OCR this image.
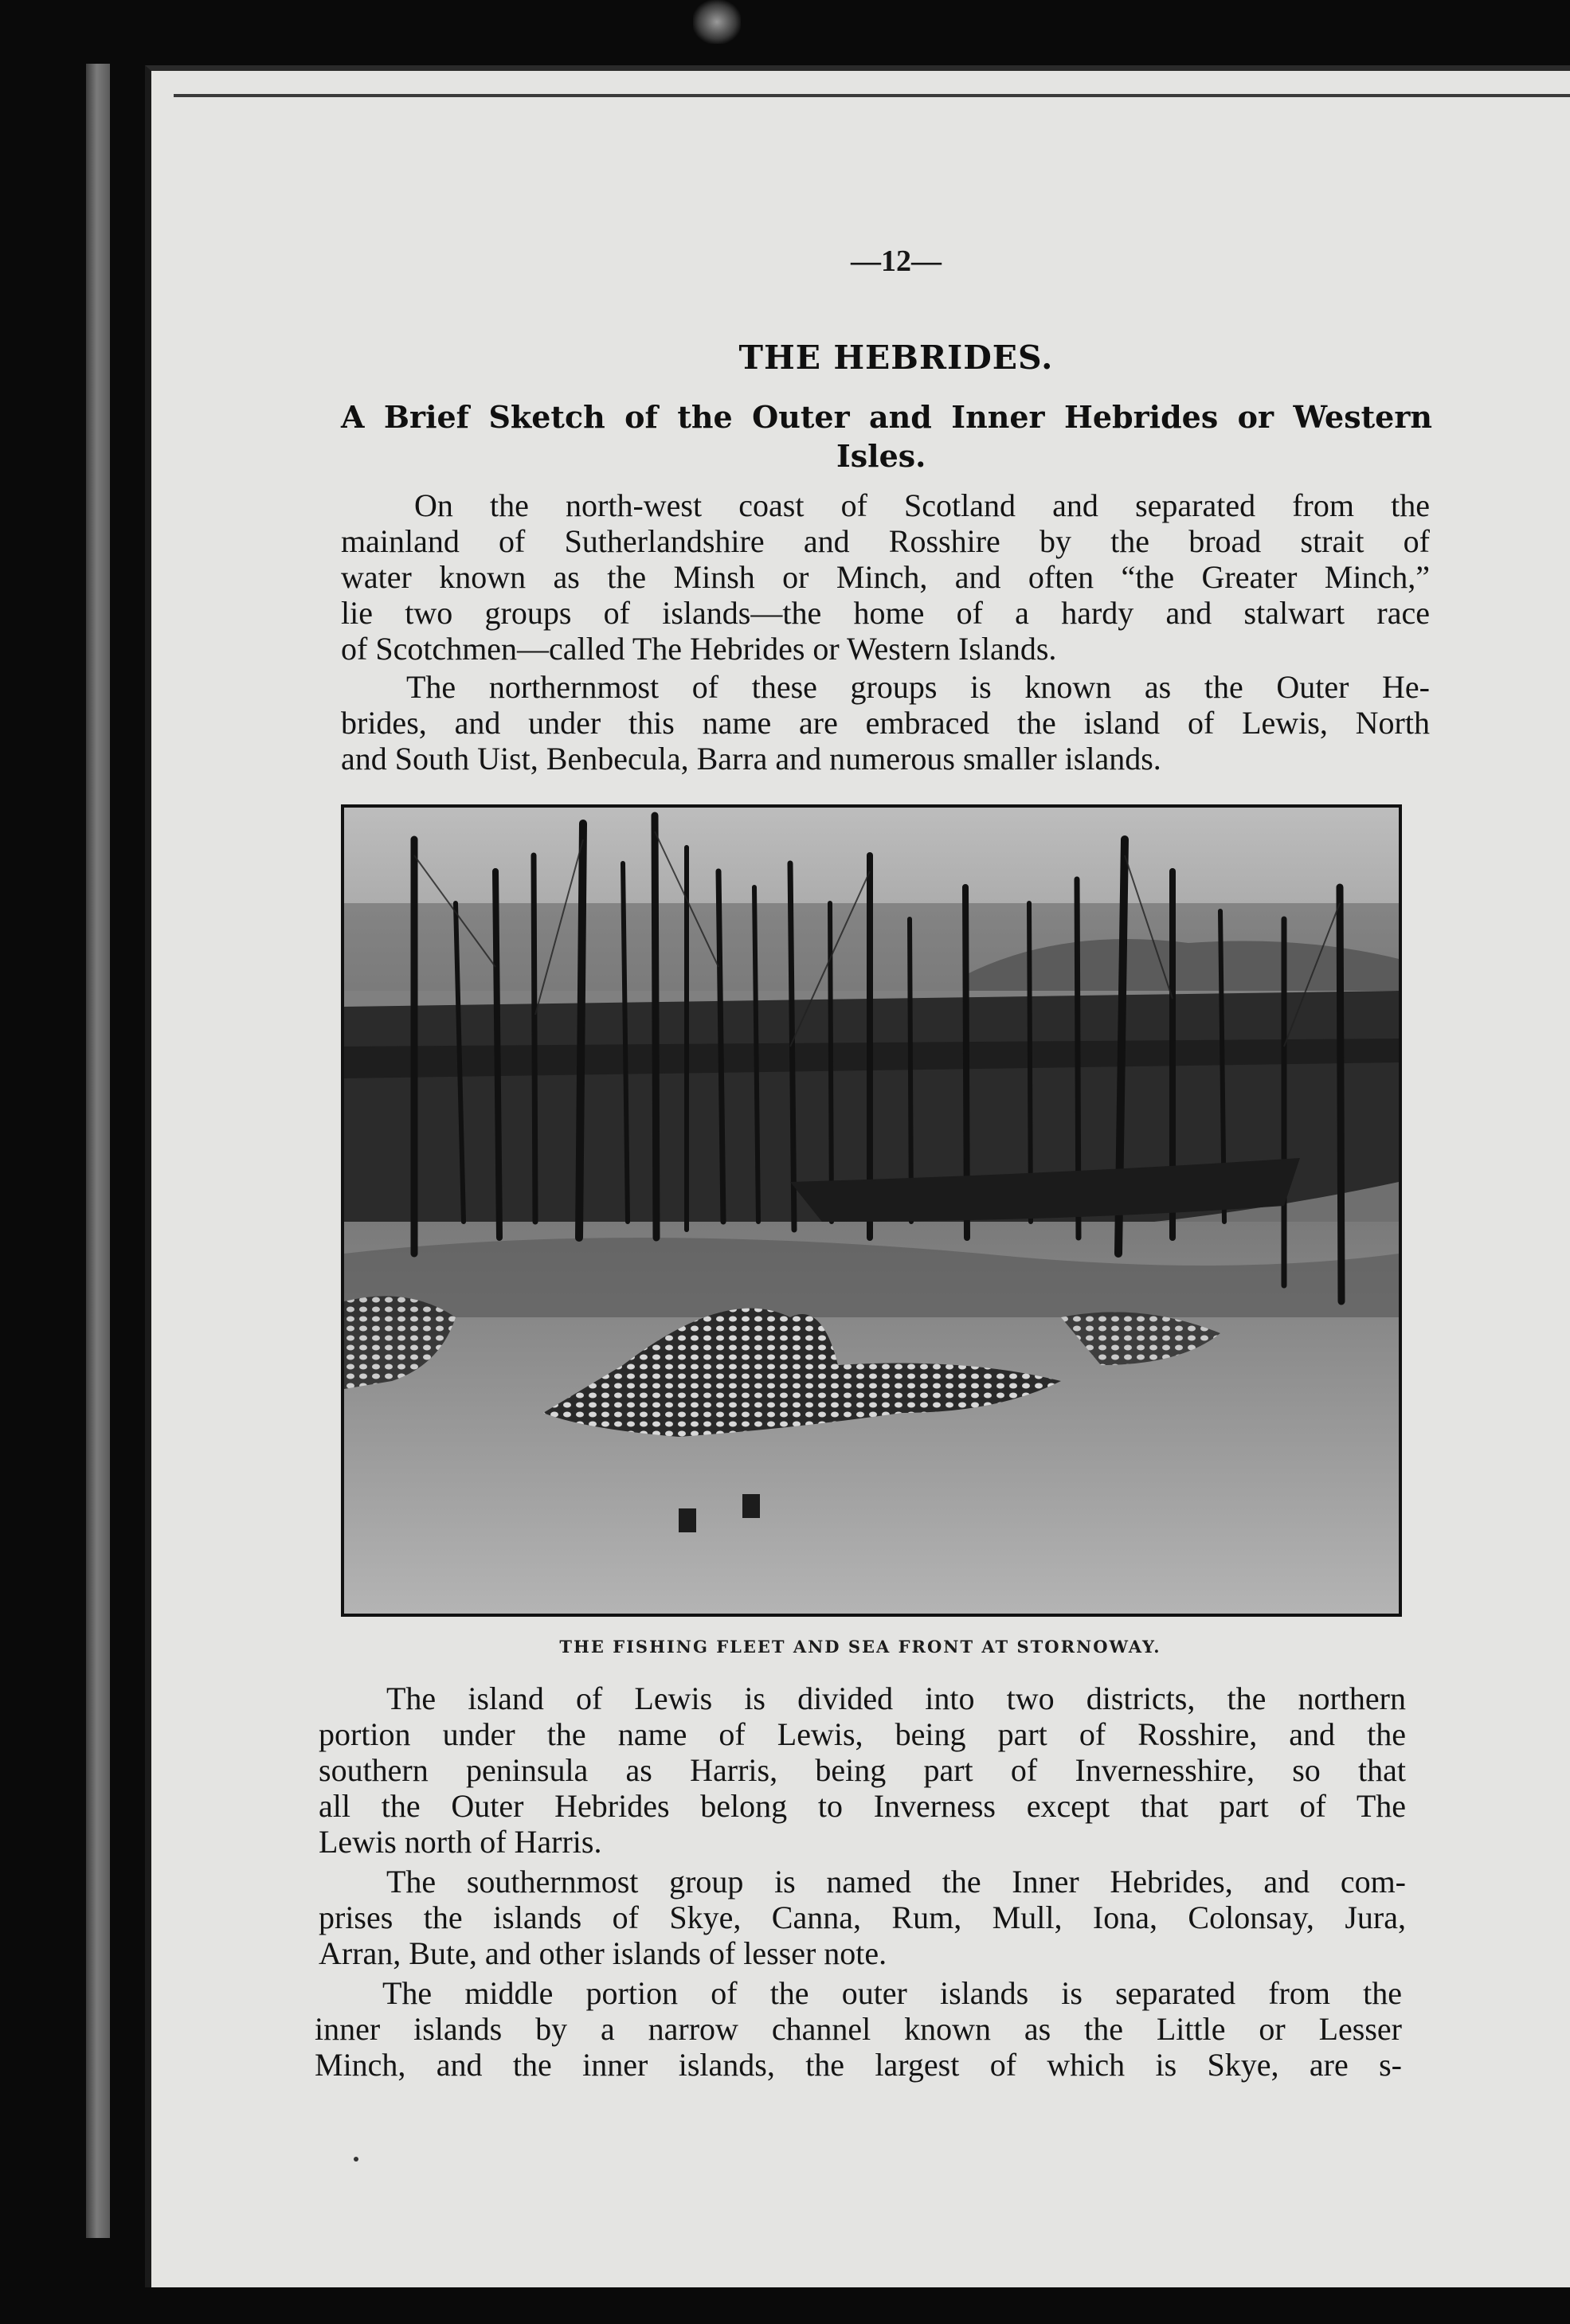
—12—
THE HEBRIDES.
A Brief Sketch of the Outer and Inner Hebrides or Western
Isles.

On the north-west coast of Scotland and separated from the

mainland of Sutherlandshire and Rosshire by the broad strait of

water known as the Minsh or Minch, and often “the Greater Minch,”

lie two groups of islands—the home of a hardy and stalwart race

of Scotchmen—called The Hebrides or Western Islands.

The northernmost of these groups is known as the Outer He-

brides, and under this name are embraced the island of Lewis, North

and South Uist, Benbecula, Barra and numerous smaller islands.

THE FISHING FLEET AND SEA FRONT AT STORNOWAY.

The island of Lewis is divided into two districts, the northern

portion under the name of Lewis, being part of Rosshire, and the

southern peninsula as Harris, being part of Invernesshire, so that

all the Outer Hebrides belong to Inverness except that part of The

Lewis north of Harris.

The southernmost group is named the Inner Hebrides, and com-

prises the islands of Skye, Canna, Rum, Mull, Iona, Colonsay, Jura,

Arran, Bute, and other islands of lesser note.

The middle portion of the outer islands is separated from the

inner islands by a narrow channel known as the Little or Lesser

Minch, and the inner islands, the largest of which is Skye, are s-
